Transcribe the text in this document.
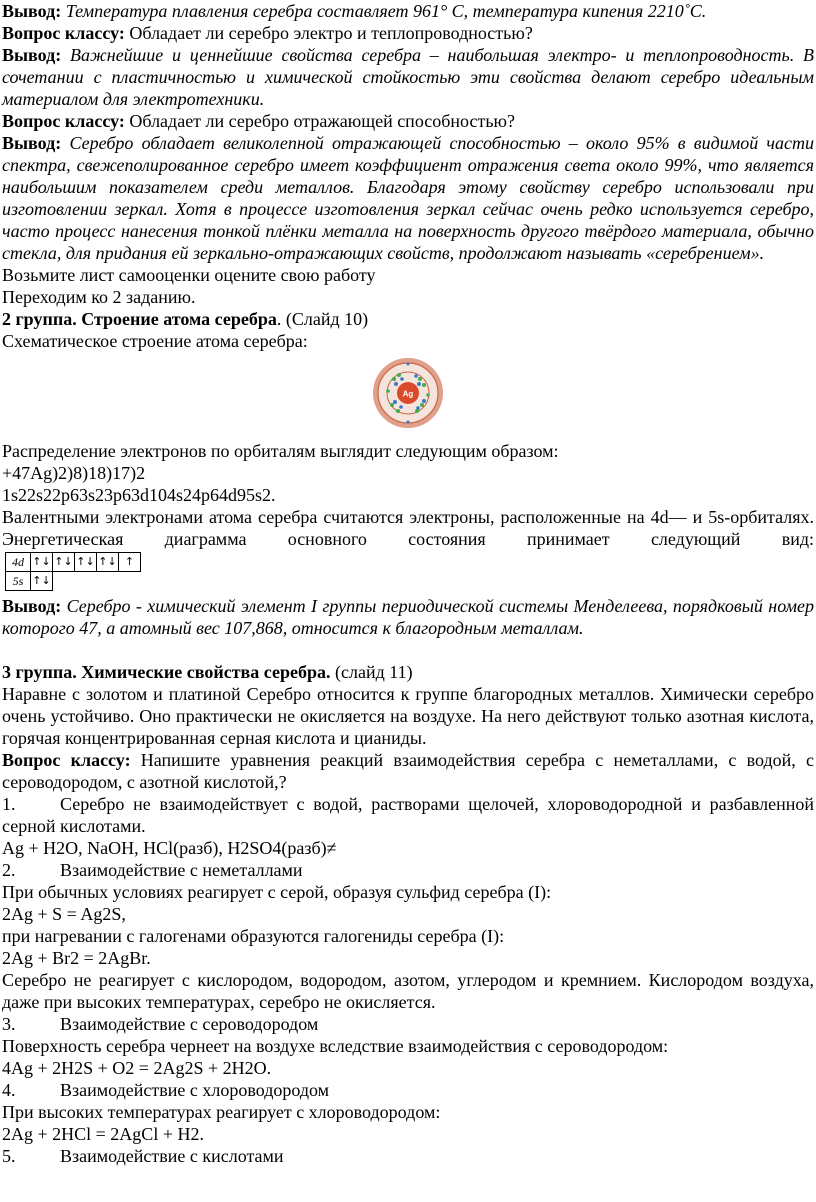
Вывод: Температура плавления серебра составляет 961° С, температура кипения 2210˚С.

Вопрос классу: Обладает ли серебро электро и теплопроводностью?

Вывод: Важнейшие и ценнейшие свойства серебра – наибольшая электро- и теплопроводность. В сочетании с пластичностью и химической стойкостью эти свойства делают серебро идеальным материалом для электротехники.

Вопрос классу: Обладает ли серебро отражающей способностью?

Вывод: Серебро обладает великолепной отражающей способностью – около 95% в видимой части спектра, свежеполированное серебро имеет коэффициент отражения света около 99%, что является наибольшим показателем среди металлов. Благодаря этому свойству серебро использовали при изготовлении зеркал. Хотя в процессе изготовления зеркал сейчас очень редко используется серебро, часто процесс нанесения тонкой плёнки металла на поверхность другого твёрдого материала, обычно стекла, для придания ей зеркально-отражающих свойств, продолжают называть «серебрением».

Возьмите лист самооценки оцените свою работу

Переходим ко 2 заданию.

2 группа. Строение атома серебра. (Слайд 10)

Схематическое строение атома серебра:

Ag

Распределение электронов по орбиталям выглядит следующим образом:

+47Ag)2)8)18)17)2

1s22s22p63s23p63d104s24p64d95s2.

Валентными электронами атома серебра считаются электроны, расположенные на 4d— и 5s-орбиталях. Энергетическая диаграмма основного состояния принимает следующий вид:

4d	↑↓	↑↓	↑↓	↑↓	↑
5s	↑↓				

Вывод: Серебро - химический элемент I группы периодической системы Менделеева, порядковый номер которого 47, а атомный вес 107,868, относится к благородным металлам.

3 группа. Химические свойства серебра. (слайд 11)

Наравне с золотом и платиной Серебро относится к группе благородных металлов. Химически серебро очень устойчиво. Оно практически не окисляется на воздухе. На него действуют только азотная кислота, горячая концентрированная серная кислота и цианиды.

Вопрос классу: Напишите уравнения реакций взаимодействия серебра с неметаллами, с водой, с сероводородом, с азотной кислотой,?

1. Серебро не взаимодействует с водой, растворами щелочей, хлороводородной и разбавленной серной кислотами.

Ag + H2O, NaOH, HCl(разб), H2SO4(разб)≠

2. Взаимодействие с неметаллами

При обычных условиях реагирует с серой, образуя сульфид серебра (I):

2Ag + S = Ag2S,

при нагревании с галогенами образуются галогениды серебра (I):

2Ag + Br2 = 2AgBr.

Серебро не реагирует с кислородом, водородом, азотом, углеродом и кремнием. Кислородом воздуха, даже при высоких температурах, серебро не окисляется.

3. Взаимодействие с сероводородом

Поверхность серебра чернеет на воздухе вследствие взаимодействия с сероводородом:

4Ag + 2H2S + O2 = 2Ag2S + 2H2O.

4. Взаимодействие с хлороводородом

При высоких температурах реагирует с хлороводородом:

2Ag + 2HCl = 2AgCl + H2.

5. Взаимодействие с кислотами
